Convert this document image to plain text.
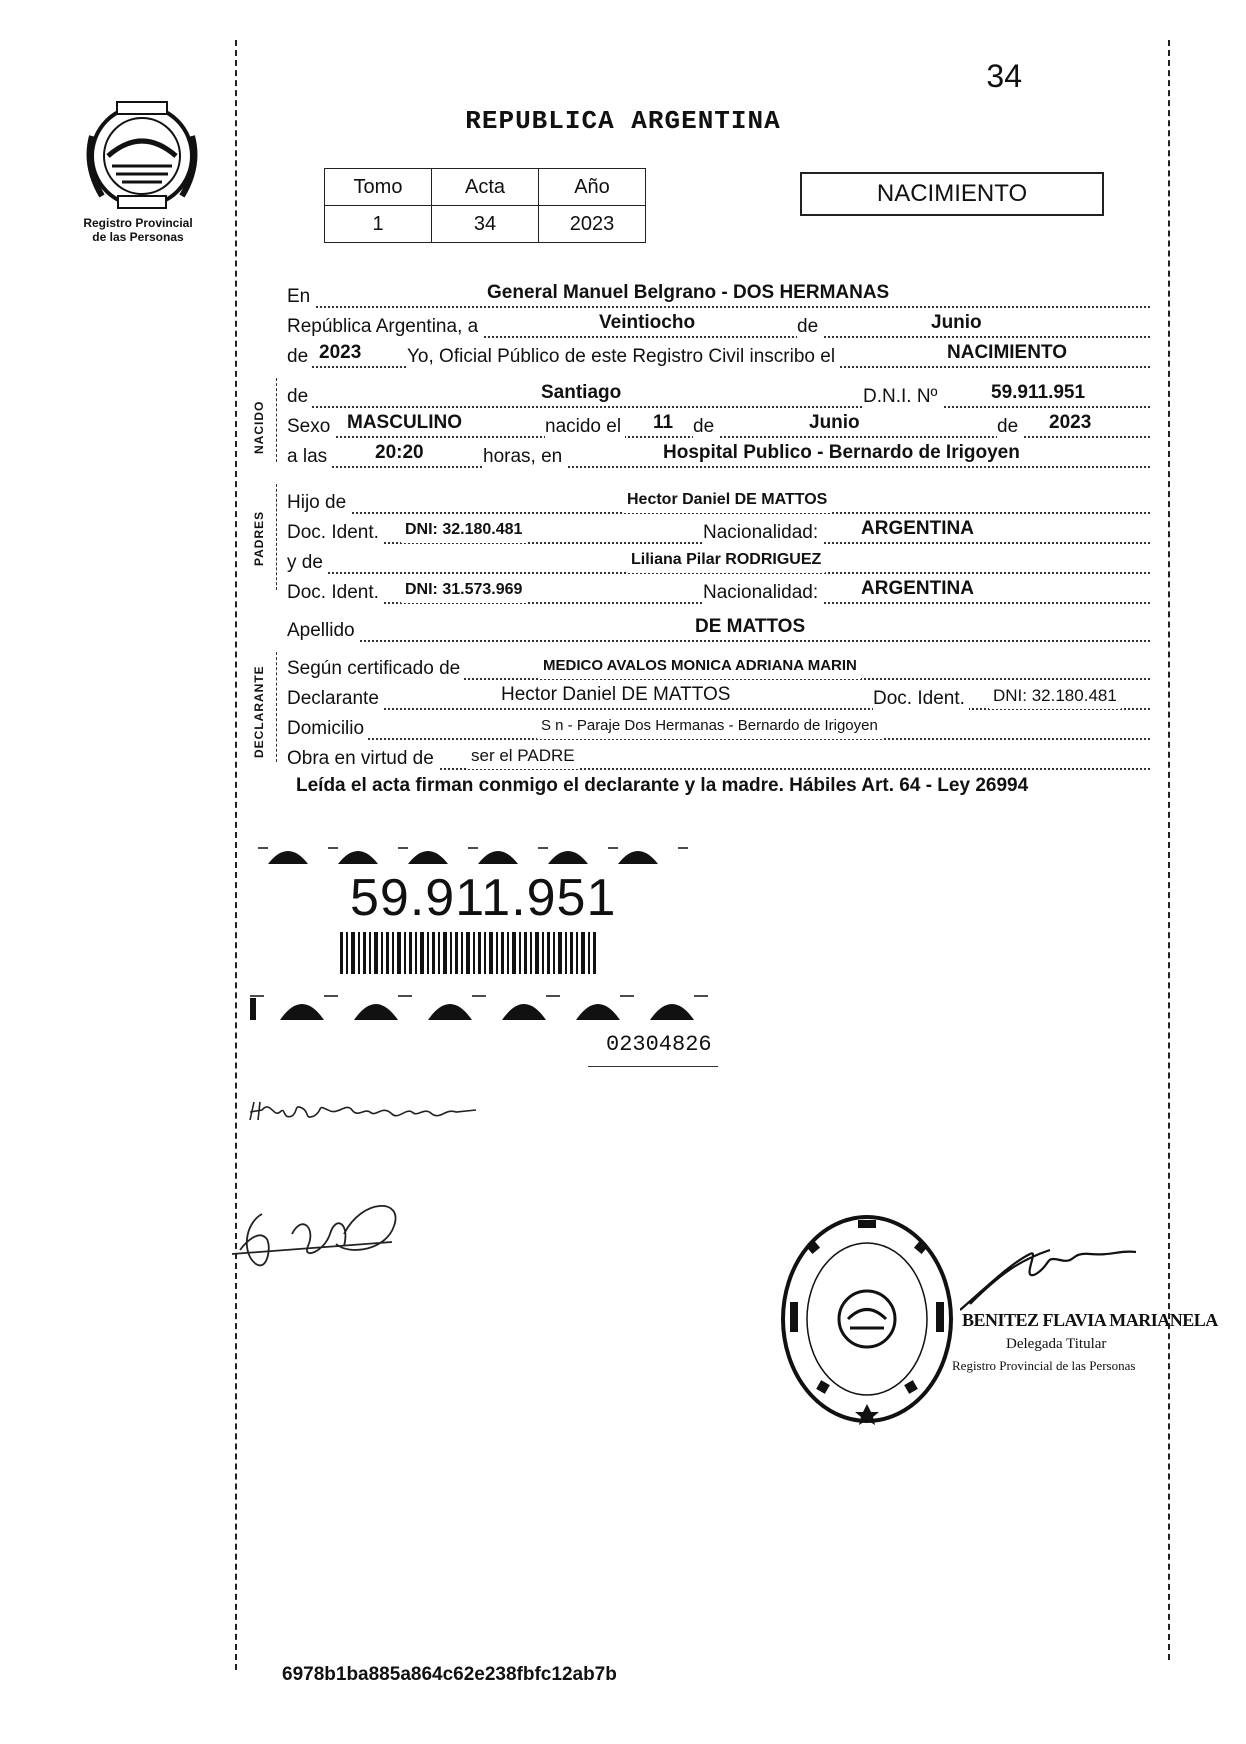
34
REPUBLICA ARGENTINA
Registro Provincial
de las Personas
Tomo	Acta	Año
1	34	2023
NACIMIENTO
En	General Manuel Belgrano - DOS HERMANAS
República Argentina, a	Veintiocho	de	Junio
de 2023 Yo, Oficial Público de este Registro Civil inscribo el	NACIMIENTO
NACIDO
de	Santiago	D.N.I. Nº	59.911.951
Sexo MASCULINO	nacido el 11 de	Junio	de 2023
a las	20:20	horas, en	Hospital Publico - Bernardo de Irigoyen
PADRES
Hijo de	Hector Daniel DE MATTOS
Doc. Ident. DNI: 32.180.481	Nacionalidad: ARGENTINA
y de	Liliana Pilar RODRIGUEZ
Doc. Ident. DNI: 31.573.969	Nacionalidad: ARGENTINA
Apellido	DE MATTOS
DECLARANTE Según certificado de	MEDICO AVALOS MONICA ADRIANA MARIN
Declarante	Hector Daniel DE MATTOS	Doc. Ident. DNI: 32.180.481
Domicilio	S n - Paraje Dos Hermanas - Bernardo de Irigoyen
Obra en virtud de ser el PADRE
Leída el acta firman conmigo el declarante y la madre. Hábiles Art. 64 - Ley 26994
59.911.951
02304826
BENITEZ FLAVIA MARIANELA
Delegada Titular
Registro Provincial de las Personas
6978b1ba885a864c62e238fbfc12ab7b
